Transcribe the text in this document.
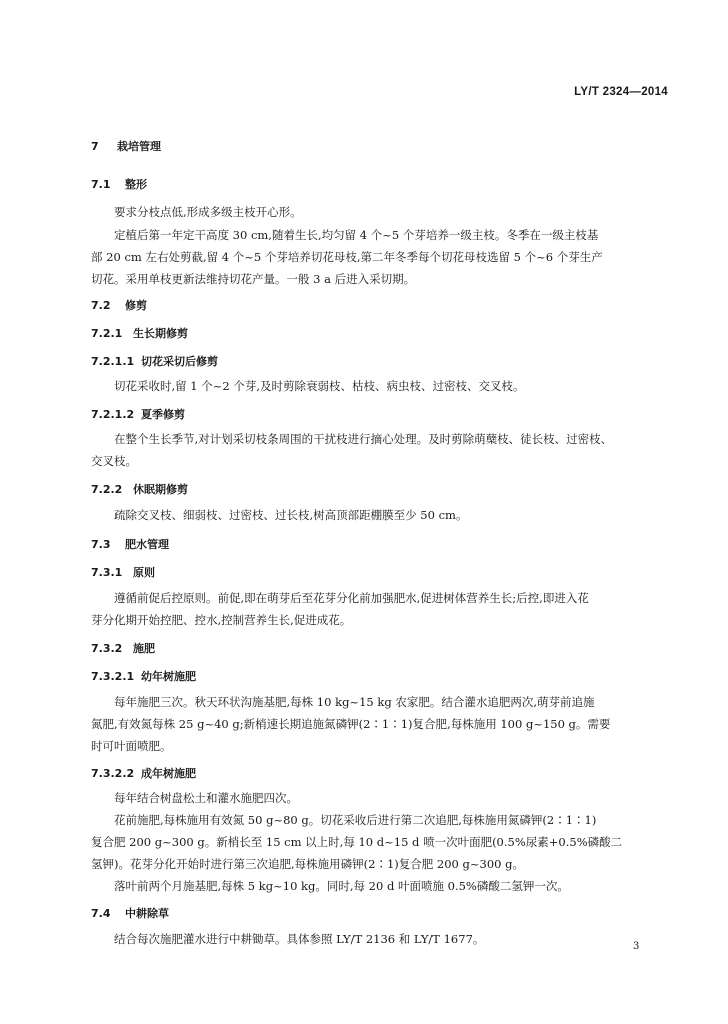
LY/T 2324—2014
7 栽培管理
7.1 整形
要求分枝点低,形成多级主枝开心形。
定植后第一年定干高度 30 cm,随着生长,均匀留 4 个~5 个芽培养一级主枝。冬季在一级主枝基
部 20 cm 左右处剪截,留 4 个~5 个芽培养切花母枝,第二年冬季每个切花母枝选留 5 个~6 个芽生产
切花。采用单枝更新法维持切花产量。一般 3 a 后进入采切期。
7.2 修剪
7.2.1 生长期修剪
7.2.1.1 切花采切后修剪
切花采收时,留 1 个~2 个芽,及时剪除衰弱枝、枯枝、病虫枝、过密枝、交叉枝。
7.2.1.2 夏季修剪
在整个生长季节,对计划采切枝条周围的干扰枝进行摘心处理。及时剪除萌蘖枝、徒长枝、过密枝、
交叉枝。
7.2.2 休眠期修剪
疏除交叉枝、细弱枝、过密枝、过长枝,树高顶部距棚膜至少 50 cm。
7.3 肥水管理
7.3.1 原则
遵循前促后控原则。前促,即在萌芽后至花芽分化前加强肥水,促进树体营养生长;后控,即进入花
芽分化期开始控肥、控水,控制营养生长,促进成花。
7.3.2 施肥
7.3.2.1 幼年树施肥
每年施肥三次。秋天环状沟施基肥,每株 10 kg~15 kg 农家肥。结合灌水追肥两次,萌芽前追施
氮肥,有效氮每株 25 g~40 g;新梢速长期追施氮磷钾(2∶1∶1)复合肥,每株施用 100 g~150 g。需要
时可叶面喷肥。
7.3.2.2 成年树施肥
每年结合树盘松土和灌水施肥四次。
花前施肥,每株施用有效氮 50 g~80 g。切花采收后进行第二次追肥,每株施用氮磷钾(2∶1∶1)
复合肥 200 g~300 g。新梢长至 15 cm 以上时,每 10 d~15 d 喷一次叶面肥(0.5%尿素+0.5%磷酸二
氢钾)。花芽分化开始时进行第三次追肥,每株施用磷钾(2∶1)复合肥 200 g~300 g。
落叶前两个月施基肥,每株 5 kg~10 kg。同时,每 20 d 叶面喷施 0.5%磷酸二氢钾一次。
7.4 中耕除草
结合每次施肥灌水进行中耕锄草。具体参照 LY/T 2136 和 LY/T 1677。
3
